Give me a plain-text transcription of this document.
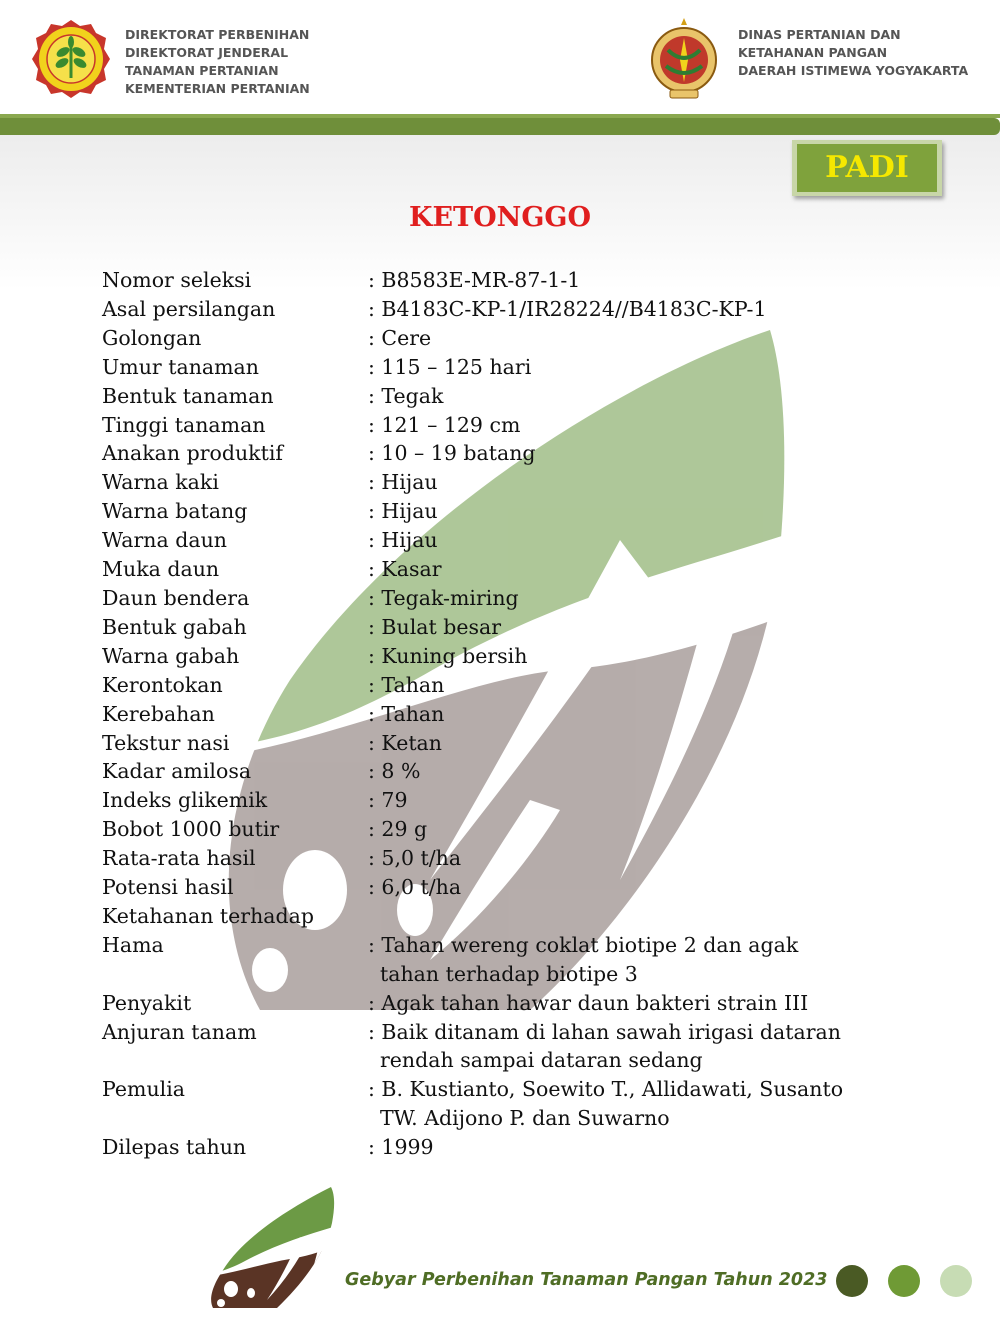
DIREKTORAT PERBENIHAN
DIREKTORAT JENDERAL
TANAMAN PERTANIAN
KEMENTERIAN PERTANIAN
DINAS PERTANIAN DAN
KETAHANAN PANGAN
DAERAH ISTIMEWA YOGYAKARTA
PADI
KETONGGO
Nomor seleksi	: B8583E-MR-87-1-1

Asal persilangan	: B4183C-KP-1/IR28224//B4183C-KP-1

Golongan	: Cere

Umur tanaman	: 115 – 125 hari

Bentuk tanaman	: Tegak

Tinggi tanaman	: 121 – 129 cm

Anakan produktif	: 10 – 19 batang

Warna kaki	: Hijau

Warna batang	: Hijau

Warna daun	: Hijau

Muka daun	: Kasar

Daun bendera	: Tegak-miring

Bentuk gabah	: Bulat besar

Warna gabah	: Kuning bersih

Kerontokan	: Tahan

Kerebahan	: Tahan

Tekstur nasi	: Ketan

Kadar amilosa	: 8 %

Indeks glikemik	: 79

Bobot 1000 butir	: 29 g

Rata-rata hasil	: 5,0 t/ha

Potensi hasil	: 6,0 t/ha

Ketahanan terhadap	

Hama	: Tahan wereng coklat biotipe 2 dan agak tahan terhadap biotipe 3

Penyakit	: Agak tahan hawar daun bakteri strain III

Anjuran tanam	: Baik ditanam di lahan sawah irigasi dataran rendah sampai dataran sedang

Pemulia	: B. Kustianto, Soewito T., Allidawati, Susanto TW. Adijono P. dan Suwarno

Dilepas tahun	: 1999
Gebyar Perbenihan Tanaman Pangan Tahun 2023
